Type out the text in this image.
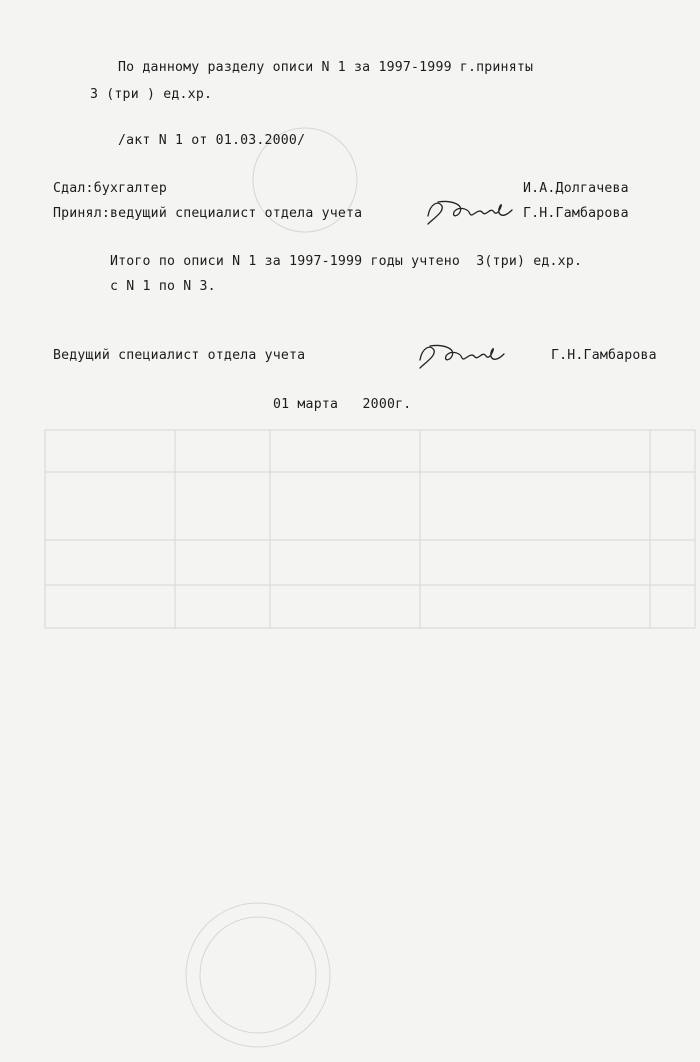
По данному разделу описи N 1 за 1997-1999 г.приняты
3 (три ) ед.хр.
/акт N 1 от 01.03.2000/
Сдал:бухгалтер	И.А.Долгачева
Принял:ведущий специалист отдела учета	Г.Н.Гамбарова
Итого по описи N 1 за 1997-1999 годы учтено  3(три) ед.хр.
с N 1 по N 3.
Ведущий специалист отдела учета	Г.Н.Гамбарова
01 марта   2000г.
